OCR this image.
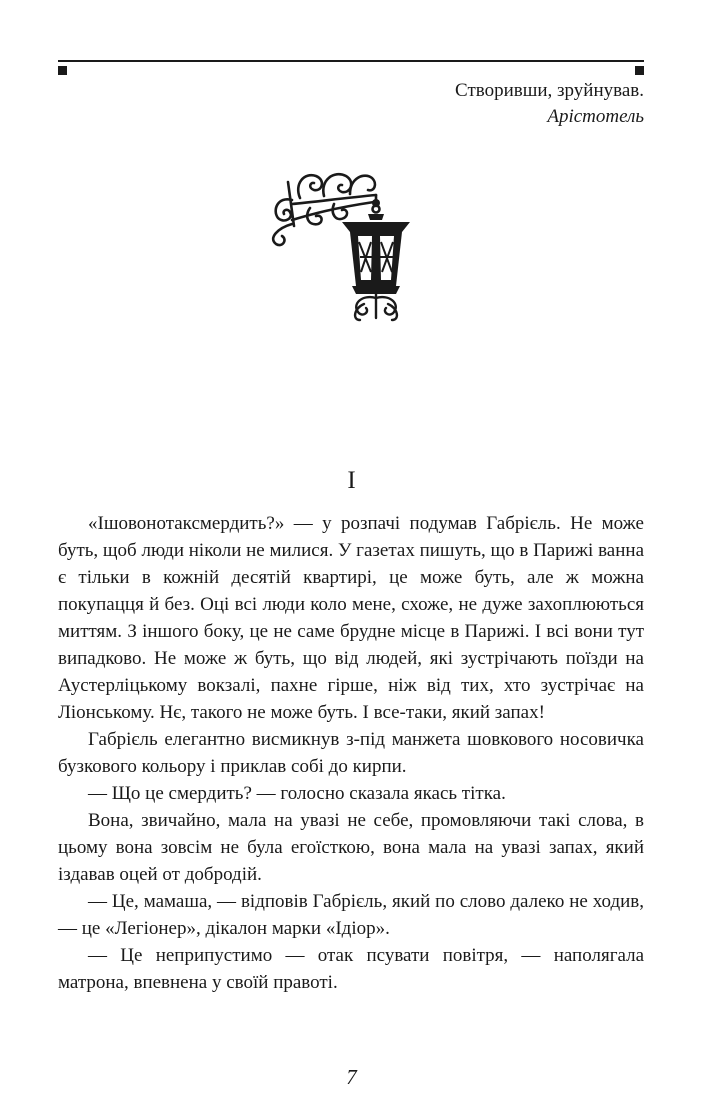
Створивши, зруйнував.
Арістотель
I

«Ішовонотаксмердить?» — у розпачі подумав Габрієль. Не може буть, щоб люди ніколи не милися. У газетах пишуть, що в Парижі ванна є тільки в кожній десятій квартирі, це може буть, але ж можна покупацця й без. Оці всі люди коло мене, схоже, не дуже захоплюються миттям. З іншого боку, це не саме брудне місце в Парижі. І всі вони тут випадково. Не може ж буть, що від людей, які зустрічають поїзди на Аустерліцькому вокзалі, пахне гірше, ніж від тих, хто зустрічає на Ліонському. Нє, такого не може буть. І все-таки, який запах!

Габрієль елегантно висмикнув з-під манжета шовкового носовичка бузкового кольору і приклав собі до кирпи.

— Що це смердить? — голосно сказала якась тітка.

Вона, звичайно, мала на увазі не себе, промовляючи такі слова, в цьому вона зовсім не була егоїсткою, вона мала на увазі запах, який іздавав оцей от добродій.

— Це, мамаша, — відповів Габрієль, який по слово далеко не ходив, — це «Легіонер», дікалон марки «Ідіор».

— Це неприпустимо — отак псувати повітря, — наполягала матрона, впевнена у своїй правоті.

7
